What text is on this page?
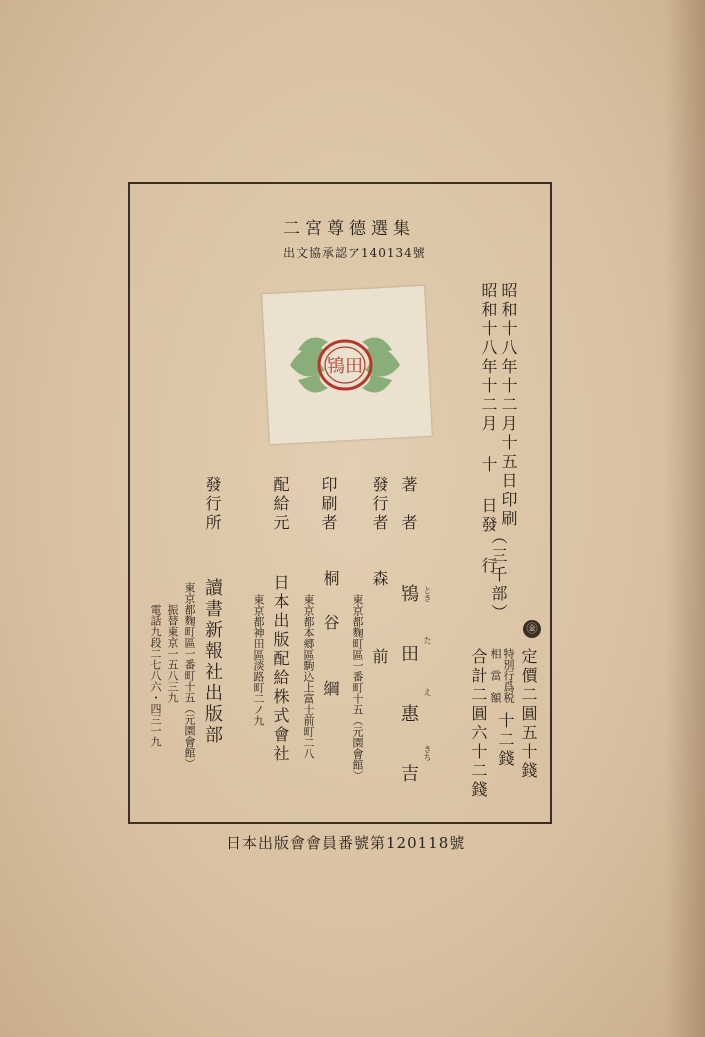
二宮尊德選集
出文協承認ア140134號
鴇田	昭和十八年十二月十五日印刷
昭和十八年十二月 十 日發 行
（三千部）
㊎
定價二圓五十錢
特別行爲税
相　當　額
十二錢
合計二圓六十二錢
著　者
鴇　田　惠　吉 とき
た
え
きち
發行者
森　　前
東京都麴町區一番町十五（元園會館）
印刷者
桐　谷　　綱
東京都本郷區駒込上富士前町二八
配給元
日本出版配給株式會社
東京都神田區淡路町二ノ九
發行所
讀書新報社出版部
東京都麴町區一番町十五（元園會館）
振替東京一五八三九
電話九段二七八六・四三一九
日本出版會會員番號第120118號
